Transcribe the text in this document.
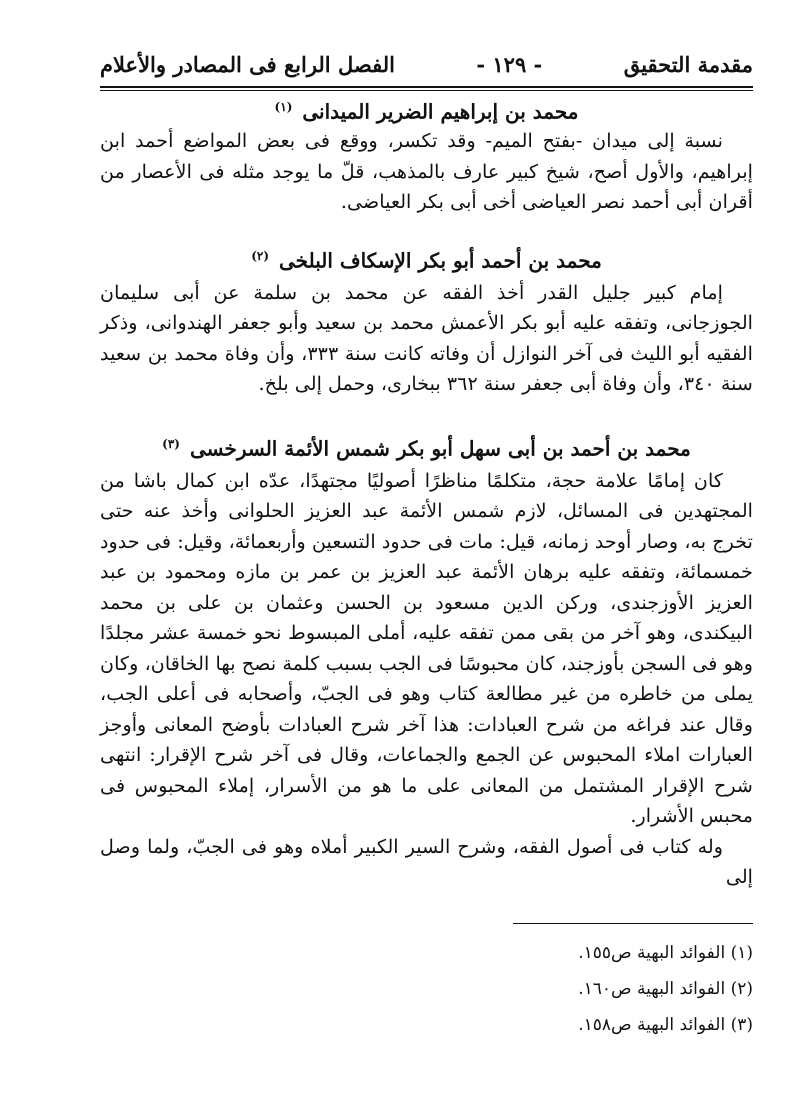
مقدمة التحقيق
- ١٢٩ -
الفصل الرابع فى المصادر والأعلام

محمد بن إبراهيم الضرير الميدانى $^{(١)}$

نسبة إلى ميدان -بفتح الميم- وقد تكسر، ووقع فى بعض المواضع أحمد ابن إبراهيم، والأول أصح، شيخ كبير عارف بالمذهب، قلّ ما يوجد مثله فى الأعصار من أقران أبى أحمد نصر العياضى أخى أبى بكر العياضى.

محمد بن أحمد أبو بكر الإسكاف البلخى $^{(٢)}$

إمام كبير جليل القدر أخذ الفقه عن محمد بن سلمة عن أبى سليمان الجوزجانى، وتفقه عليه أبو بكر الأعمش محمد بن سعيد وأبو جعفر الهندوانى، وذكر الفقيه أبو الليث فى آخر النوازل أن وفاته كانت سنة ٣٣٣، وأن وفاة محمد بن سعيد سنة ٣٤٠، وأن وفاة أبى جعفر سنة ٣٦٢ ببخارى، وحمل إلى بلخ.

محمد بن أحمد بن أبى سهل أبو بكر شمس الأئمة السرخسى $^{(٣)}$

كان إمامًا علامة حجة، متكلمًا مناظرًا أصوليًا مجتهدًا، عدّه ابن كمال باشا من المجتهدين فى المسائل، لازم شمس الأئمة عبد العزيز الحلوانى وأخذ عنه حتى تخرج به، وصار أوحد زمانه، قيل: مات فى حدود التسعين وأربعمائة، وقيل: فى حدود خمسمائة، وتفقه عليه برهان الأئمة عبد العزيز بن عمر بن مازه ومحمود بن عبد العزيز الأوزجندى، وركن الدين مسعود بن الحسن وعثمان بن على بن محمد البيكندى، وهو آخر من بقى ممن تفقه عليه، أملى المبسوط نحو خمسة عشر مجلدًا وهو فى السجن بأوزجند، كان محبوسًا فى الجب بسبب كلمة نصح بها الخاقان، وكان يملى من خاطره من غير مطالعة كتاب وهو فى الجبّ، وأصحابه فى أعلى الجب، وقال عند فراغه من شرح العبادات: هذا آخر شرح العبادات بأوضح المعانى وأوجز العبارات املاء المحبوس عن الجمع والجماعات، وقال فى آخر شرح الإقرار: انتهى شرح الإقرار المشتمل من المعانى على ما هو من الأسرار، إملاء المحبوس فى محبس الأشرار.

وله كتاب فى أصول الفقه، وشرح السير الكبير أملاه وهو فى الجبّ، ولما وصل إلى

(١) الفوائد البهية ص١٥٥.

(٢) الفوائد البهية ص١٦٠.

(٣) الفوائد البهية ص١٥٨.
